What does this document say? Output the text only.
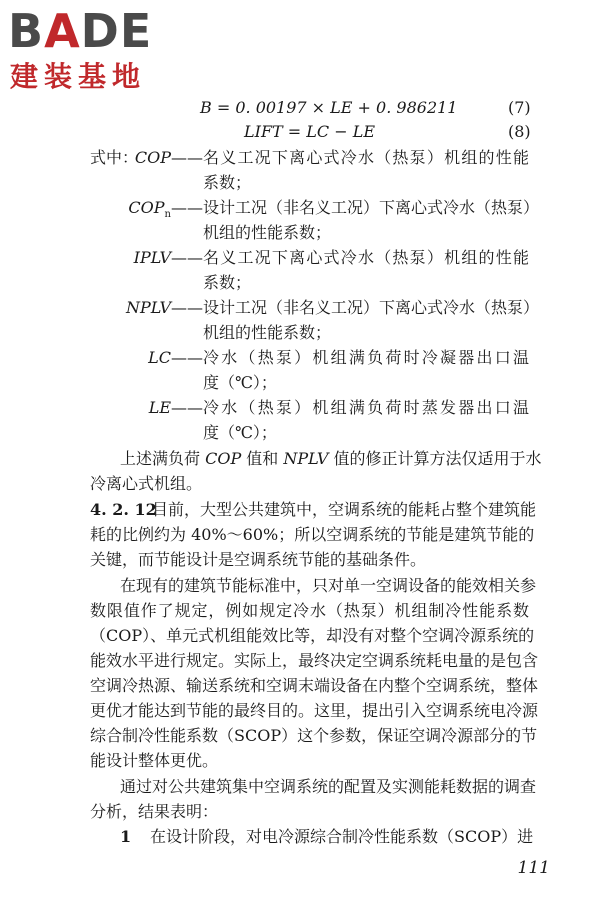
BADE
建装基地
B = 0. 00197 × LE + 0. 986211	(7)
LIFT = LC − LE	(8)
式中：
COP—— 名义工况下离心式冷水（热泵）机组的性能
系数；
$COP_n——$ 设计工况（非名义工况）下离心式冷水（热泵）
机组的性能系数；
IPLV—— 名义工况下离心式冷水（热泵）机组的性能
系数；
NPLV—— 设计工况（非名义工况）下离心式冷水（热泵）
机组的性能系数；
LC—— 冷水（热泵）机组满负荷时冷凝器出口温
度（℃）；
LE—— 冷水（热泵）机组满负荷时蒸发器出口温
度（℃）；
上述满负荷 COP 值和 NPLV 值的修正计算方法仅适用于水
冷离心式机组。
4. 2. 12
目前，大型公共建筑中，空调系统的能耗占整个建筑能
耗的比例约为 40%～60%；所以空调系统的节能是建筑节能的
关键，而节能设计是空调系统节能的基础条件。
在现有的建筑节能标准中，只对单一空调设备的能效相关参
数限值作了规定，例如规定冷水（热泵）机组制冷性能系数
（COP）、单元式机组能效比等，却没有对整个空调冷源系统的
能效水平进行规定。实际上，最终决定空调系统耗电量的是包含
空调冷热源、输送系统和空调末端设备在内整个空调系统，整体
更优才能达到节能的最终目的。这里，提出引入空调系统电冷源
综合制冷性能系数（SCOP）这个参数，保证空调冷源部分的节
能设计整体更优。
通过对公共建筑集中空调系统的配置及实测能耗数据的调查
分析，结果表明：
1 在设计阶段，对电冷源综合制冷性能系数（SCOP）进
111
